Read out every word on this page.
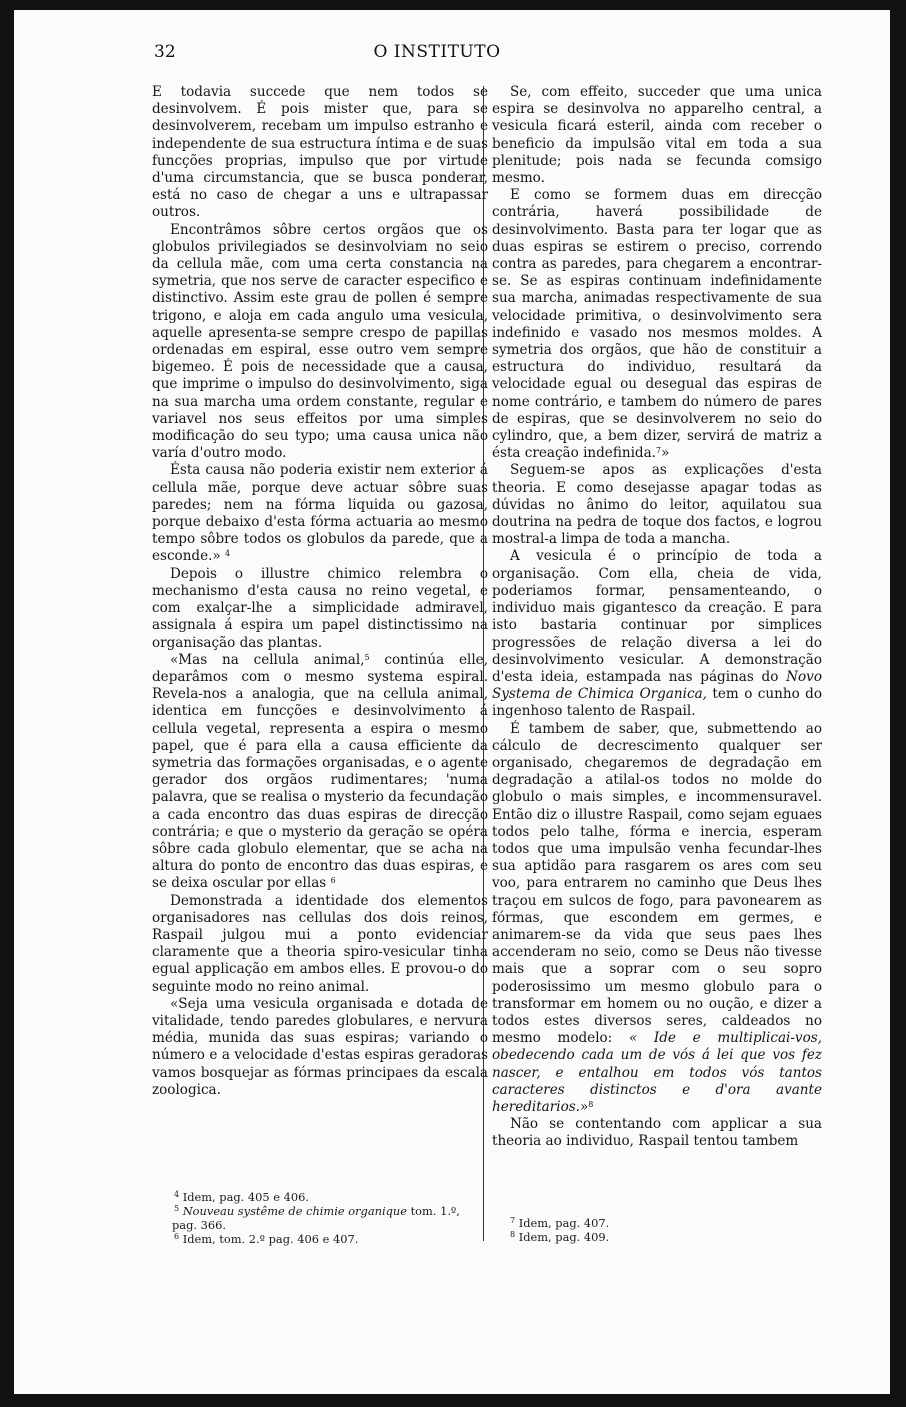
32	O INSTITUTO

E todavia succede que nem todos se desinvolvem. É pois mister que, para se desinvolverem, recebam um impulso estranho e independente de sua estructura íntima e de suas funcções proprias, impulso que por virtude d'uma circumstancia, que se busca ponderar, está no caso de chegar a uns e ultrapassar outros.

Encontrâmos sôbre certos orgãos que os globulos privilegiados se desinvolviam no seio da cellula mãe, com uma certa constancia na symetria, que nos serve de caracter especifico e distinctivo. Assim este grau de pollen é sempre trigono, e aloja em cada angulo uma vesicula, aquelle apresenta-se sempre crespo de papillas ordenadas em espiral, esse outro vem sempre bigemeo. É pois de necessidade que a causa, que imprime o impulso do desinvolvimento, siga na sua marcha uma ordem constante, regular e variavel nos seus effeitos por uma simples modificação do seu typo; uma causa unica não varía d'outro modo.

Ésta causa não poderia existir nem exterior á cellula mãe, porque deve actuar sôbre suas paredes; nem na fórma liquida ou gazosa, porque debaixo d'esta fórma actuaria ao mesmo tempo sôbre todos os globulos da parede, que a esconde.» $^4$

Depois o illustre chimico relembra o mechanismo d'esta causa no reino vegetal, e com exalçar-lhe a simplicidade admiravel, assignala á espira um papel distinctissimo na organisação das plantas.

«Mas na cellula animal,$^5$ continúa elle, deparâmos com o mesmo systema espiral. Revela-nos a analogia, que na cellula animal, identica em funcções e desinvolvimento á cellula vegetal, representa a espira o mesmo papel, que é para ella a causa efficiente da symetria das formações organisadas, e o agente gerador dos orgãos rudimentares; 'numa palavra, que se realisa o mysterio da fecundação a cada encontro das duas espiras de direcção contrária; e que o mysterio da geração se opéra sôbre cada globulo elementar, que se acha na altura do ponto de encontro das duas espiras, e se deixa oscular por ellas $^6$

Demonstrada a identidade dos elementos organisadores nas cellulas dos dois reinos, Raspail julgou mui a ponto evidenciar claramente que a theoria spiro-vesicular tinha egual applicação em ambos elles. E provou-o do seguinte modo no reino animal.

«Seja uma vesicula organisada e dotada de vitalidade, tendo paredes globulares, e nervura média, munida das suas espiras; variando o número e a velocidade d'estas espiras geradoras vamos bosquejar as fórmas principaes da escala zoologica.

Se, com effeito, succeder que uma unica espira se desinvolva no apparelho central, a vesicula ficará esteril, ainda com receber o beneficio da impulsão vital em toda a sua plenitude; pois nada se fecunda comsigo mesmo.

E como se formem duas em direcção contrária, haverá possibilidade de desinvolvimento. Basta para ter logar que as duas espiras se estirem o preciso, correndo contra as paredes, para chegarem a encontrar-se. Se as espiras continuam indefinidamente sua marcha, animadas respectivamente de sua velocidade primitiva, o desinvolvimento sera indefinido e vasado nos mesmos moldes. A symetria dos orgãos, que hão de constituir a estructura do individuo, resultará da velocidade egual ou desegual das espiras de nome contrário, e tambem do número de pares de espiras, que se desinvolverem no seio do cylindro, que, a bem dizer, servirá de matriz a ésta creação indefinida.$^7$»

Seguem-se apos as explicações d'esta theoria. E como desejasse apagar todas as dúvidas no ânimo do leitor, aquilatou sua doutrina na pedra de toque dos factos, e logrou mostral-a limpa de toda a mancha.

A vesicula é o princípio de toda a organisação. Com ella, cheia de vida, poderiamos formar, pensamenteando, o individuo mais gigantesco da creação. E para isto bastaria continuar por simplices progressões de relação diversa a lei do desinvolvimento vesicular. A demonstração d'esta ideia, estampada nas páginas do Novo Systema de Chimica Organica, tem o cunho do ingenhoso talento de Raspail.

É tambem de saber, que, submettendo ao cálculo de decrescimento qualquer ser organisado, chegaremos de degradação em degradação a atilal-os todos no molde do globulo o mais simples, e incommensuravel. Então diz o illustre Raspail, como sejam eguaes todos pelo talhe, fórma e inercia, esperam todos que uma impulsão venha fecundar-lhes sua aptidão para rasgarem os ares com seu voo, para entrarem no caminho que Deus lhes traçou em sulcos de fogo, para pavonearem as fórmas, que escondem em germes, e animarem-se da vida que seus paes lhes accenderam no seio, como se Deus não tivesse mais que a soprar com o seu sopro poderosissimo um mesmo globulo para o transformar em homem ou no oução, e dizer a todos estes diversos seres, caldeados no mesmo modelo: « Ide e multiplicai-vos, obedecendo cada um de vós á lei que vos fez nascer, e entalhou em todos vós tantos caracteres distinctos e d'ora avante hereditarios.»$^8$

Não se contentando com applicar a sua theoria ao individuo, Raspail tentou tambem

$^4$ Idem, pag. 405 e 406.
$^5$ Nouveau systême de chimie organique tom. 1.º,
pag. 366.
$^6$ Idem, tom. 2.º pag. 406 e 407.
$^7$ Idem, pag. 407.
$^8$ Idem, pag. 409.
